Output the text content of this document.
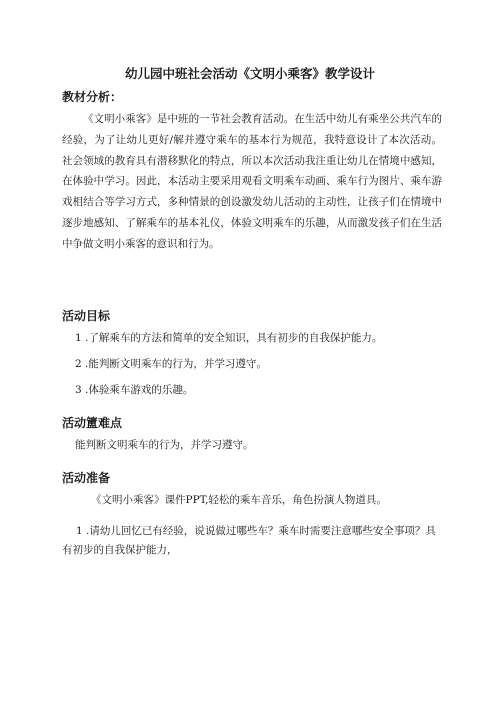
幼儿园中班社会活动《文明小乘客》教学设计
教材分析：

《文明小乘客》是中班的一节社会教育活动。在生活中幼儿有乘坐公共汽车的经验，为了让幼儿更好/解并遵守乘车的基本行为规范，我特意设计了本次活动。社会领域的教育具有潜移默化的特点，所以本次活动我注重让幼儿在情境中感知，在体验中学习。因此，本活动主要采用观看文明乘车动画、乘车行为图片、乘车游戏相结合等学习方式，多种情景的创设激发幼儿活动的主动性，让孩子们在情境中逐步地感知、了解乘车的基本礼仪，体验文明乘车的乐趣，从而激发孩子们在生活中争做文明小乘客的意识和行为。

活动目标
1 .了解乘车的方法和简单的安全知识，具有初步的自我保护能力。
2 .能判断文明乘车的行为，并学习遵守。
3 .体验乘车游戏的乐趣。
活动簠难点
能判断文明乘车的行为，并学习遵守。
活动准备
《文明小乘客》课件PPT,轻松的乘车音乐，角色扮演人物道具。

1 .请幼儿回忆已有经验，说说做过哪些车？乘车时需要注意哪些安全事项？具有初步的自我保护能力，
